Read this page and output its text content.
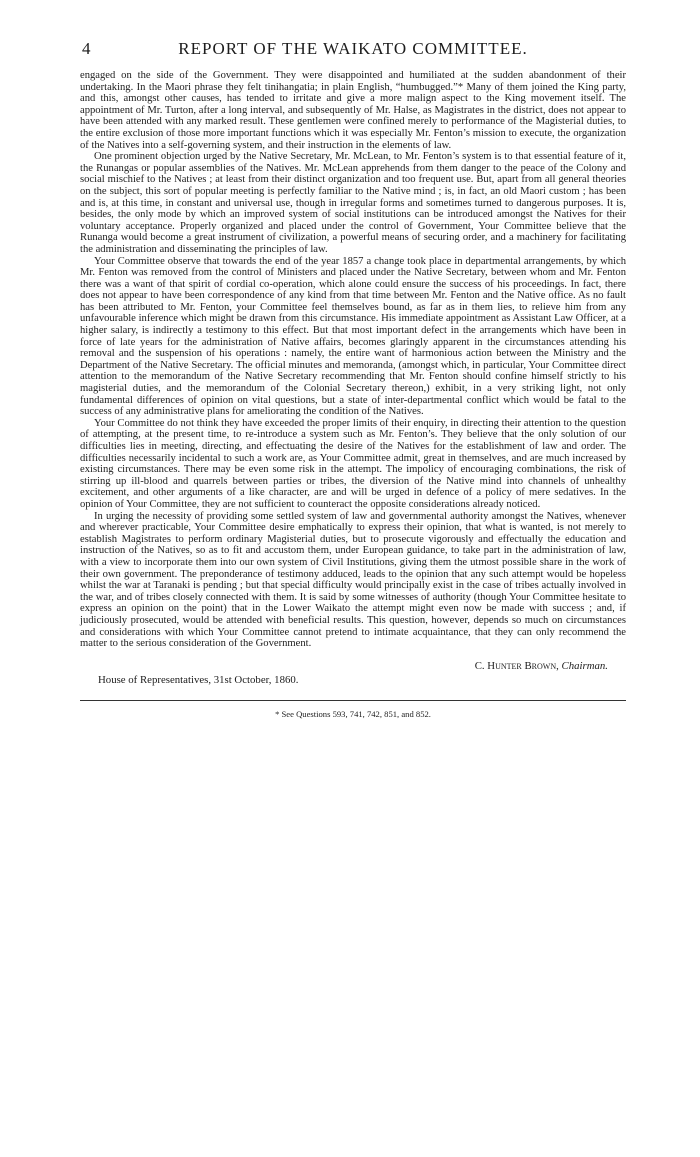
4	REPORT OF THE WAIKATO COMMITTEE.

engaged on the side of the Government. They were disappointed and humiliated at the sudden abandonment of their undertaking. In the Maori phrase they felt tinihangatia; in plain English, “humbugged.”* Many of them joined the King party, and this, amongst other causes, has tended to irritate and give a more malign aspect to the King movement itself. The appointment of Mr. Turton, after a long interval, and subsequently of Mr. Halse, as Magistrates in the district, does not appear to have been attended with any marked result. These gentlemen were confined merely to performance of the Magisterial duties, to the entire exclusion of those more important functions which it was especially Mr. Fenton’s mission to execute, the organization of the Natives into a self-governing system, and their instruction in the elements of law.

One prominent objection urged by the Native Secretary, Mr. McLean, to Mr. Fenton’s system is to that essential feature of it, the Runangas or popular assemblies of the Natives. Mr. McLean apprehends from them danger to the peace of the Colony and social mischief to the Natives ; at least from their distinct organization and too frequent use. But, apart from all general theories on the subject, this sort of popular meeting is perfectly familiar to the Native mind ; is, in fact, an old Maori custom ; has been and is, at this time, in constant and universal use, though in irregular forms and sometimes turned to dangerous purposes. It is, besides, the only mode by which an improved system of social institutions can be introduced amongst the Natives for their voluntary acceptance. Properly organized and placed under the control of Government, Your Committee believe that the Runanga would become a great instrument of civilization, a powerful means of securing order, and a machinery for facilitating the administration and disseminating the principles of law.

Your Committee observe that towards the end of the year 1857 a change took place in departmental arrangements, by which Mr. Fenton was removed from the control of Ministers and placed under the Native Secretary, between whom and Mr. Fenton there was a want of that spirit of cordial co-operation, which alone could ensure the success of his proceedings. In fact, there does not appear to have been correspondence of any kind from that time between Mr. Fenton and the Native office. As no fault has been attributed to Mr. Fenton, your Committee feel themselves bound, as far as in them lies, to relieve him from any unfavourable inference which might be drawn from this circumstance. His immediate appointment as Assistant Law Officer, at a higher salary, is indirectly a testimony to this effect. But that most important defect in the arrangements which have been in force of late years for the administration of Native affairs, becomes glaringly apparent in the circumstances attending his removal and the suspension of his operations : namely, the entire want of harmonious action between the Ministry and the Department of the Native Secretary. The official minutes and memoranda, (amongst which, in particular, Your Committee direct attention to the memorandum of the Native Secretary recommending that Mr. Fenton should confine himself strictly to his magisterial duties, and the memorandum of the Colonial Secretary thereon,) exhibit, in a very striking light, not only fundamental differences of opinion on vital questions, but a state of inter-departmental conflict which would be fatal to the success of any administrative plans for ameliorating the condition of the Natives.

Your Committee do not think they have exceeded the proper limits of their enquiry, in directing their attention to the question of attempting, at the present time, to re-introduce a system such as Mr. Fenton’s. They believe that the only solution of our difficulties lies in meeting, directing, and effectuating the desire of the Natives for the establishment of law and order. The difficulties necessarily incidental to such a work are, as Your Committee admit, great in themselves, and are much increased by existing circumstances. There may be even some risk in the attempt. The impolicy of encouraging combinations, the risk of stirring up ill-blood and quarrels between parties or tribes, the diversion of the Native mind into channels of unhealthy excitement, and other arguments of a like character, are and will be urged in defence of a policy of mere sedatives. In the opinion of Your Committee, they are not sufficient to counteract the opposite considerations already noticed.

In urging the necessity of providing some settled system of law and governmental authority amongst the Natives, whenever and wherever practicable, Your Committee desire emphatically to express their opinion, that what is wanted, is not merely to establish Magistrates to perform ordinary Magisterial duties, but to prosecute vigorously and effectually the education and instruction of the Natives, so as to fit and accustom them, under European guidance, to take part in the administration of law, with a view to incorporate them into our own system of Civil Institutions, giving them the utmost possible share in the work of their own government. The preponderance of testimony adduced, leads to the opinion that any such attempt would be hopeless whilst the war at Taranaki is pending ; but that special difficulty would principally exist in the case of tribes actually involved in the war, and of tribes closely connected with them. It is said by some witnesses of authority (though Your Committee hesitate to express an opinion on the point) that in the Lower Waikato the attempt might even now be made with success ; and, if judiciously prosecuted, would be attended with beneficial results. This question, however, depends so much on circumstances and considerations with which Your Committee cannot pretend to intimate acquaintance, that they can only recommend the matter to the serious consideration of the Government.

C. Hunter Brown, Chairman.
House of Representatives, 31st October, 1860.
* See Questions 593, 741, 742, 851, and 852.
